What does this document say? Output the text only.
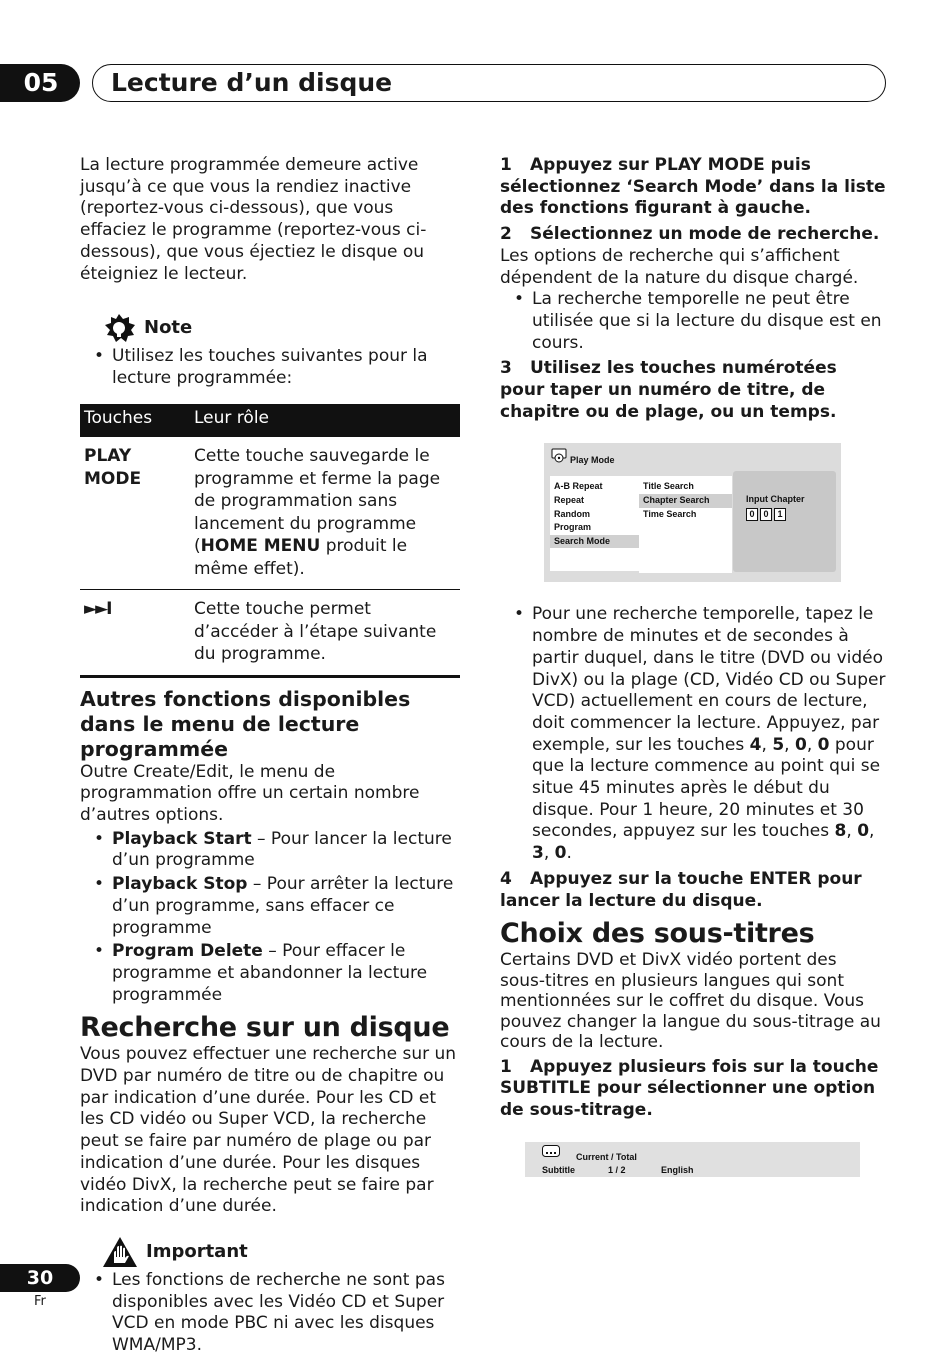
05	Lecture d’un disque

La lecture programmée demeure active jusqu’à ce que vous la rendiez inactive (reportez-vous ci-dessous), que vous effaciez le programme (reportez-vous ci-dessous), que vous éjectiez le disque ou éteigniez le lecteur.

Note
• Utilisez les touches suivantes pour la lecture programmée:
Touches	Leur rôle
PLAY
MODE	Cette touche sauvegarde le programme et ferme la page de programmation sans lancement du programme (HOME MENU produit le même effet).
►►I	Cette touche permet d’accéder à l’étape suivante du programme.
Autres fonctions disponibles dans le menu de lecture programmée

Outre Create/Edit, le menu de programmation offre un certain nombre d’autres options.

• Playback Start – Pour lancer la lecture d’un programme
• Playback Stop – Pour arrêter la lecture d’un programme, sans effacer ce programme
• Program Delete – Pour effacer le programme et abandonner la lecture programmée
Recherche sur un disque

Vous pouvez effectuer une recherche sur un DVD par numéro de titre ou de chapitre ou par indication d’une durée. Pour les CD et les CD vidéo ou Super VCD, la recherche peut se faire par numéro de plage ou par indication d’une durée. Pour les disques vidéo DivX, la recherche peut se faire par indication d’une durée.

Important
• Les fonctions de recherche ne sont pas disponibles avec les Vidéo CD et Super VCD en mode PBC ni avec les disques WMA/MP3.

1 Appuyez sur PLAY MODE puis sélectionnez ‘Search Mode’ dans la liste des fonctions figurant à gauche.

2 Sélectionnez un mode de recherche.

Les options de recherche qui s’affichent dépendent de la nature du disque chargé.

• La recherche temporelle ne peut être utilisée que si la lecture du disque est en cours.

3 Utilisez les touches numérotées pour taper un numéro de titre, de chapitre ou de plage, ou un temps.

Play Mode
A-B Repeat
Repeat
Random
Program
Search Mode
Title Search
Chapter Search
Time Search
Input Chapter
0 0 1
• Pour une recherche temporelle, tapez le nombre de minutes et de secondes à partir duquel, dans le titre (DVD ou vidéo DivX) ou la plage (CD, Vidéo CD ou Super VCD) actuellement en cours de lecture, doit commencer la lecture. Appuyez, par exemple, sur les touches 4, 5, 0, 0 pour que la lecture commence au point qui se situe 45 minutes après le début du disque. Pour 1 heure, 20 minutes et 30 secondes, appuyez sur les touches 8, 0, 3, 0.

4 Appuyez sur la touche ENTER pour lancer la lecture du disque.

Choix des sous-titres

Certains DVD et DivX vidéo portent des sous-titres en plusieurs langues qui sont mentionnées sur le coffret du disque. Vous pouvez changer la langue du sous-titrage au cours de la lecture.

1 Appuyez plusieurs fois sur la touche SUBTITLE pour sélectionner une option de sous-titrage.

Current / Total
Subtitle	1 / 2	English
30
Fr
